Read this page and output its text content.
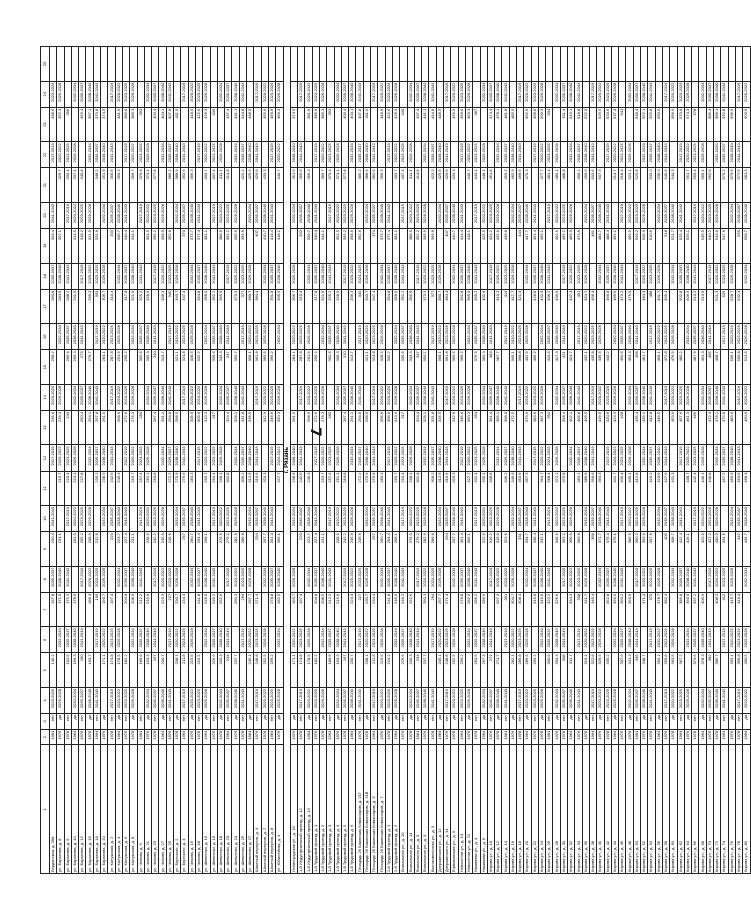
7
1	2	3	4	5	6	7	8	9	10	11	12	13	14	15	16	17	18	19	20	21	22	23	24	25
Бердянская, д. 28а	1964	нет	2023-2025	145.2		167.8	2035-2037	190.4	2041-2043		2017-2019	235.6	2023-2025	258.2		280.8	2035-2037	303.4	2041-2043		2017-2019	348.6	2023-2025	
ул. Баранова, д. 8	1976	да	2026-2028		2032-2034	171.5	2038-2040	194.1		216.7	2020-2022	239.3	2026-2028		2032-2034	284.5	2038-2040	307.1		329.7	2020-2022	352.3	2026-2028	
ул. Баранова, д. 9	1978	нет		152.6	2035-2037	175.2	2041-2043		2017-2019	220.4	2023-2025	243		265.6	2035-2037	288.2	2041-2043		2017-2019	333.4	2023-2025	356		
ул. Баранова, д. 10	1964	да	2032-2034	156.3	2038-2040	178.9		201.5	2020-2022	224.1	2026-2028		2032-2034	269.3	2038-2040	291.9		314.5	2020-2022	337.1	2026-2028		2032-2034	
ул. Баранова, д. 12	1976	нет	2035-2037	160	2041-2043		2017-2019	205.2	2023-2025	227.8		250.4	2035-2037	273	2041-2043		2017-2019	318.2	2023-2025	340.8		363.4	2035-2037	
ул. Баранова, д. 16	1978	да	2038-2040	163.7		186.3	2020-2022	208.9	2026-2028		2032-2034	254.1	2038-2040	276.7		299.3	2020-2022	321.9	2026-2028		2032-2034	367.1	2038-2040	
ул. Баранова, д. 18	1964	нет	2041-2043		2017-2019	190	2023-2025	212.6		235.2	2035-2037	257.8	2041-2043		2017-2019	303	2023-2025	325.6		348.2	2035-2037	370.8	2041-2043	
ул. Баранова, д. 20	1976	да		171.1	2020-2022	193.7	2026-2028		2032-2034	238.9	2038-2040	261.5		284.1	2020-2022	306.7	2026-2028		2032-2034	351.9	2038-2040	374.5		
ул. Калужская, д. 2	1978	нет	2017-2019	174.8	2023-2025	197.4		220	2035-2037	242.6	2041-2043		2017-2019	287.8	2023-2025	310.4		333	2035-2037	355.6	2041-2043		2017-2019	
ул. Калужская, д. 4	1964	да	2020-2022	178.5	2026-2028		2032-2034	223.7	2038-2040	246.3		268.9	2020-2022	291.5	2026-2028		2032-2034	336.7	2038-2040	359.3		381.9	2020-2022	
ул. Калужская, д. 6	1976	нет	2023-2025	182.2		204.8	2035-2037	227.4	2041-2043		2017-2019	272.6	2023-2025	295.2		317.8	2035-2037	340.4	2041-2043		2017-2019	385.6	2023-2025	
ул. Калужская, д. 8	1978	да	2026-2028		2032-2034	208.5	2038-2040	231.1		253.7	2020-2022	276.3	2026-2028		2032-2034	321.5	2038-2040	344.1		366.7	2020-2022	389.3	2026-2028	
ул. Чехова, д. 9	1964	нет		189.6	2035-2037	212.2	2041-2043		2017-2019	257.4	2023-2025	280		302.6	2035-2037	325.2	2041-2043		2017-2019	370.4	2023-2025	393		
ул. Чехова, д. 21	1976	да	2032-2034	193.3	2038-2040	215.9		238.5	2020-2022	261.1	2026-2028		2032-2034	306.3	2038-2040	328.9		351.5	2020-2022	374.1	2026-2028		2032-2034	
ул. Чехова, д. 23	1978	нет	2035-2037	197	2041-2043		2017-2019	242.2	2023-2025	264.8		287.4	2035-2037	310	2041-2043		2017-2019	355.2	2023-2025	377.8		400.4	2035-2037	
ул. Чехова, д. 27	1964	да	2038-2040	200.7		223.3	2020-2022	245.9	2026-2028		2032-2034	291.1	2038-2040	313.7		336.3	2020-2022	358.9	2026-2028		2032-2034	404.1	2038-2040	
ул. Чехова, д. 29	1976	нет	2041-2043		2017-2019	227	2023-2025	249.6		272.2	2035-2037	294.8	2041-2043		2017-2019	340	2023-2025	362.6		385.2	2035-2037	407.8	2041-2043	
ул. Бергского, д. 2	1978	да		208.1	2020-2022	230.7	2026-2028		2032-2034	275.9	2038-2040	298.5		321.1	2020-2022	343.7	2026-2028		2032-2034	388.9	2038-2040	411.5		
ул. Бергского, д. 4	1964	нет	2017-2019	211.8	2023-2025	234.4		257	2035-2037	279.6	2041-2043		2017-2019	324.8	2023-2025	347.4		370	2035-2037	392.6	2041-2043		2017-2019	
ул. Чехова, д. 16	1976	да	2020-2022	215.5	2026-2028		2032-2034	260.7	2038-2040	283.3		305.9	2020-2022	328.5	2026-2028		2032-2034	373.7	2038-2040	396.3		418.9	2020-2022	
ул. Чехова, д. 18	1978	нет	2023-2025	219.2		241.8	2035-2037	264.4	2041-2043		2017-2019	309.6	2023-2025	332.2		354.8	2035-2037	377.4	2041-2043		2017-2019	422.6	2023-2025	
ул. Шевченко, д. 15	1964	да	2026-2028		2032-2034	245.5	2038-2040	268.1		290.7	2020-2022	313.3	2026-2028		2032-2034	358.5	2038-2040	381.1		403.7	2020-2022	426.3	2026-2028	
ул. Шевченко, д. 16	1976	нет		226.6	2035-2037	249.2	2041-2043		2017-2019	294.4	2023-2025	317		339.6	2035-2037	362.2	2041-2043		2017-2019	407.4	2023-2025	430		
ул. Шевченко, д. 18	1978	да	2032-2034	230.3	2038-2040	252.9		275.5	2020-2022	298.1	2026-2028		2032-2034	343.3	2038-2040	365.9		388.5	2020-2022	411.1	2026-2028		2032-2034	
ул. Шевченко, д. 23	1964	нет	2035-2037	234	2041-2043		2017-2019	279.2	2023-2025	301.8		324.4	2035-2037	347	2041-2043		2017-2019	392.2	2023-2025	414.8		437.4	2035-2037	
ул. Шевченко, д. 24	1976	да	2038-2040	237.7		260.3	2020-2022	282.9	2026-2028		2032-2034	328.1	2038-2040	350.7		373.3	2020-2022	395.9	2026-2028		2032-2034	441.1	2038-2040	
ул. Шевченко, д. 25	1978	нет	2041-2043		2017-2019	264	2023-2025	286.6		309.2	2035-2037	331.8	2041-2043		2017-2019	377	2023-2025	399.6		422.2	2035-2037	444.8	2041-2043	
ул. Шевченко, д. 27	1964	да		245.1	2020-2022	267.7	2026-2028		2032-2034	312.9	2038-2040	335.5		358.1	2020-2022	380.7	2026-2028		2032-2034	425.9	2038-2040	448.5		
Шахтный переулок, д. 4	1976	нет	2017-2019	248.8	2023-2025	271.4		294	2035-2037	316.6	2041-2043		2017-2019	361.8	2023-2025	384.4		407	2035-2037	429.6	2041-2043		2017-2019	
Шахтный переулок, д. 7	1978	да	2020-2022	252.5	2026-2028		2032-2034	297.7	2038-2040	320.3		342.9	2020-2022	365.5	2026-2028		2032-2034	410.7	2038-2040	433.3		455.9	2020-2022	
Шахтный переулок, д. 8	1964	нет	2023-2025	256.2		278.8	2035-2037	301.4	2041-2043		2017-2019	346.6	2023-2025	369.2		391.8	2035-2037	414.4	2041-2043		2017-2019	459.6	2023-2025	
ул. Юбилейная, д. 4	1976	да	2026-2028		2032-2034	282.5	2038-2040	305.1		327.7	2020-2022	350.3	2026-2028		2032-2034	395.5	2038-2040	418.1		440.7	2020-2022	463.3	2026-2028	
г. Рязань																								
Ленинградская ул., д. 16	1976	да		171.1	2020-2022	193.7	2026-2028		2032-2034	238.9	2038-2040	261.5		284.1	2020-2022	306.7	2026-2028		2032-2034	351.9	2038-2040	374.5		
1-й Индустриальный проезд, д. 12	1978	нет	2017-2019	174.8	2023-2025	197.4		220	2035-2037	242.6	2041-2043		2017-2019	287.8	2023-2025	310.4		333	2035-2037	355.6	2041-2043		2017-2019	
1-й Индустриальный проезд, д. 13	1964	да	2020-2022	178.5	2026-2028		2032-2034	223.7	2038-2040	246.3		268.9	2020-2022	291.5	2026-2028		2032-2034	336.7	2038-2040	359.3		381.9	2020-2022	
1-й Трудовой проезд, д. 1	1976	нет	2023-2025	182.2		204.8	2035-2037	227.4	2041-2043		2017-2019	272.6	2023-2025	295.2		317.8	2035-2037	340.4	2041-2043		2017-2019	385.6	2023-2025	
1-й Трудовой проезд, д. 2	1978	да	2026-2028		2032-2034	208.5	2038-2040	231.1		253.7	2020-2022	276.3	2026-2028		2032-2034	321.5	2038-2040	344.1		366.7	2020-2022	389.3	2026-2028	
1-й Трудовой проезд, д. 3	1964	нет		189.6	2035-2037	212.2	2041-2043		2017-2019	257.4	2023-2025	280		302.6	2035-2037	325.2	2041-2043		2017-2019	370.4	2023-2025	393		
1-й Трудовой проезд, д. 4	1976	да	2032-2034	193.3	2038-2040	215.9		238.5	2020-2022	261.1	2026-2028		2032-2034	306.3	2038-2040	328.9		351.5	2020-2022	374.1	2026-2028		2032-2034	
1-й Трудовой проезд, д. 5	1978	нет	2035-2037	197	2041-2043		2017-2019	242.2	2023-2025	264.8		287.4	2035-2037	310	2041-2043		2017-2019	355.2	2023-2025	377.8		400.4	2035-2037	
1-й Трудовой проезд, д. 6	1964	да	2038-2040	200.7		223.3	2020-2022	245.9	2026-2028		2032-2034	291.1	2038-2040	313.7		336.3	2020-2022	358.9	2026-2028		2032-2034	404.1	2038-2040	
Площадь 26 Бакинских Комиссаров, д. 21Г	1976	нет	2041-2043		2017-2019	227	2023-2025	249.6		272.2	2035-2037	294.8	2041-2043		2017-2019	340	2023-2025	362.6		385.2	2035-2037	407.8	2041-2043	
Площадь 26 Бакинских Комиссаров, д. 21В	1978	да		208.1	2020-2022	230.7	2026-2028		2032-2034	275.9	2038-2040	298.5		321.1	2020-2022	343.7	2026-2028		2032-2034	388.9	2038-2040	411.5		
Площадь 26 Бакинских Комиссаров, д. 3	1964	нет	2017-2019	211.8	2023-2025	234.4		257	2035-2037	279.6	2041-2043		2017-2019	324.8	2023-2025	347.4		370	2035-2037	392.6	2041-2043		2017-2019	
Площадь 26 Бакинских Комиссаров, д. 7	1976	да	2020-2022	215.5	2026-2028		2032-2034	260.7	2038-2040	283.3		305.9	2020-2022	328.5	2026-2028		2032-2034	373.7	2038-2040	396.3		418.9	2020-2022	
2-й Трудовой проезд, д. 1	1978	нет	2023-2025	219.2		241.8	2035-2037	264.4	2041-2043		2017-2019	309.6	2023-2025	332.2		354.8	2035-2037	377.4	2041-2043		2017-2019	422.6	2023-2025	
2-й Трудовой проезд, д. 2	1964	да	2026-2028		2032-2034	245.5	2038-2040	268.1		290.7	2020-2022	313.3	2026-2028		2032-2034	358.5	2038-2040	381.1		403.7	2020-2022	426.3	2026-2028	
Вокзальная ул., д. 10	1976	нет		226.6	2035-2037	249.2	2041-2043		2017-2019	294.4	2023-2025	317		339.6	2035-2037	362.2	2041-2043		2017-2019	407.4	2023-2025	430		
Вокзальная ул., д. 14	1978	да	2032-2034	230.3	2038-2040	252.9		275.5	2020-2022	298.1	2026-2028		2032-2034	343.3	2038-2040	365.9		388.5	2020-2022	411.1	2026-2028		2032-2034	
Вокзальная ул., д. 3	1964	нет	2035-2037	234	2041-2043		2017-2019	279.2	2023-2025	301.8		324.4	2035-2037	347	2041-2043		2017-2019	392.2	2023-2025	414.8		437.4	2035-2037	
Вокзальная ул., д. 4	1976	да	2038-2040	237.7		260.3	2020-2022	282.9	2026-2028		2032-2034	328.1	2038-2040	350.7		373.3	2020-2022	395.9	2026-2028		2032-2034	441.1	2038-2040	
Высоковольтная ул., д. 3	1978	нет	2041-2043		2017-2019	264	2023-2025	286.6		309.2	2035-2037	331.8	2041-2043		2017-2019	377	2023-2025	399.6		422.2	2035-2037	444.8	2041-2043	
Дзержинского ул., д. 12	1964	да		245.1	2020-2022	267.7	2026-2028		2032-2034	312.9	2038-2040	335.5		358.1	2020-2022	380.7	2026-2028		2032-2034	425.9	2038-2040	448.5		
Дзержинского ул., д. 14	1976	нет	2017-2019	248.8	2023-2025	271.4		294	2035-2037	316.6	2041-2043		2017-2019	361.8	2023-2025	384.4		407	2035-2037	429.6	2041-2043		2017-2019	
Ефимьевская ул., д. 3	1978	да	2020-2022	252.5	2026-2028		2032-2034	297.7	2038-2040	320.3		342.9	2020-2022	365.5	2026-2028		2032-2034	410.7	2038-2040	433.3		455.9	2020-2022	
Новосёлов ул., д. 13	1964	нет	2023-2025	256.2		278.8	2035-2037	301.4	2041-2043		2017-2019	346.6	2023-2025	369.2		391.8	2035-2037	414.4	2041-2043		2017-2019	459.6	2023-2025	
Новосёлов ул., д. 21	1976	да	2026-2028		2032-2034	282.5	2038-2040	305.1		327.7	2020-2022	350.3	2026-2028		2032-2034	395.5	2038-2040	418.1		440.7	2020-2022	463.3	2026-2028	
Нахимова ул., д. 4	1978	нет		263.6	2035-2037	286.2	2041-2043		2017-2019	331.4	2023-2025	354		376.6	2035-2037	399.2	2041-2043		2017-2019	444.4	2023-2025	467		
Нахимова ул., д. 6	1964	да	2032-2034	267.3	2038-2040	289.9		312.5	2020-2022	335.1	2026-2028		2032-2034	380.3	2038-2040	402.9		425.5	2020-2022	448.1	2026-2028		2032-2034	
Кирова ул., д. 10	1976	нет	2035-2037	271	2041-2043		2017-2019	316.2	2023-2025	338.8		361.4	2035-2037	384	2041-2043		2017-2019	429.2	2023-2025	451.8		474.4	2035-2037	
Кирова ул., д. 12	1978	да	2038-2040	274.7		297.3	2020-2022	319.9	2026-2028		2032-2034	365.1	2038-2040	387.7		410.3	2020-2022	432.9	2026-2028		2032-2034	478.1	2038-2040	
Кирова ул., д. 14	1964	нет	2041-2043		2017-2019	301	2023-2025	323.6		346.2	2035-2037	368.8	2041-2043		2017-2019	414	2023-2025	436.6		459.2	2035-2037	481.8	2041-2043	
Кирова ул., д. 16	1976	да		282.1	2020-2022	304.7	2026-2028		2032-2034	349.9	2038-2040	372.5		395.1	2020-2022	417.7	2026-2028		2032-2034	462.9	2038-2040	485.5		
Кирова ул., д. 18	1978	нет	2017-2019	285.8	2023-2025	308.4		331	2035-2037	353.6	2041-2043		2017-2019	398.8	2023-2025	421.4		444	2035-2037	466.6	2041-2043		2017-2019	
Кирова ул., д. 20	1964	да	2020-2022	289.5	2026-2028		2032-2034	334.7	2038-2040	357.3		379.9	2020-2022	402.5	2026-2028		2032-2034	447.7	2038-2040	470.3		492.9	2020-2022	
Кирова ул., д. 22	1976	нет	2023-2025	293.2		315.8	2035-2037	338.4	2041-2043		2017-2019	383.6	2023-2025	406.2		428.8	2035-2037	451.4	2041-2043		2017-2019	496.6	2023-2025	
Кирова ул., д. 24	1978	да	2026-2028		2032-2034	319.5	2038-2040	342.1		364.7	2020-2022	387.3	2026-2028		2032-2034	432.5	2038-2040	455.1		477.7	2020-2022	500.3	2026-2028	
Кирова ул., д. 26	1964	нет		300.6	2035-2037	323.2	2041-2043		2017-2019	368.4	2023-2025	391		413.6	2035-2037	436.2	2041-2043		2017-2019	481.4	2023-2025	504		
Кирова ул., д. 28	1976	да	2032-2034	304.3	2038-2040	326.9		349.5	2020-2022	372.1	2026-2028		2032-2034	417.3	2038-2040	439.9		462.5	2020-2022	485.1	2026-2028		2032-2034	
Кирова ул., д. 30	1978	нет	2035-2037	308	2041-2043		2017-2019	353.2	2023-2025	375.8		398.4	2035-2037	421	2041-2043		2017-2019	466.2	2023-2025	488.8		511.4	2035-2037	
Кирова ул., д. 32	1964	да	2038-2040	311.7		334.3	2020-2022	356.9	2026-2028		2032-2034	402.1	2038-2040	424.7		447.3	2020-2022	469.9	2026-2028		2032-2034	515.1	2038-2040	
Кирова ул., д. 34	1976	нет	2041-2043		2017-2019	338	2023-2025	360.6		383.2	2035-2037	405.8	2041-2043		2017-2019	451	2023-2025	473.6		496.2	2035-2037	518.8	2041-2043	
Кирова ул., д. 36	1978	да		319.1	2020-2022	341.7	2026-2028		2032-2034	386.9	2038-2040	409.5		432.1	2020-2022	454.7	2026-2028		2032-2034	499.9	2038-2040	522.5		
Кирова ул., д. 38	1964	нет	2017-2019	322.8	2023-2025	345.4		368	2035-2037	390.6	2041-2043		2017-2019	435.8	2023-2025	458.4		481	2035-2037	503.6	2041-2043		2017-2019	
Кирова ул., д. 40	1976	да	2020-2022	326.5	2026-2028		2032-2034	371.7	2038-2040	394.3		416.9	2020-2022	439.5	2026-2028		2032-2034	484.7	2038-2040	507.3		529.9	2020-2022	
Кирова ул., д. 42	1978	нет	2023-2025	330.2		352.8	2035-2037	375.4	2041-2043		2017-2019	420.6	2023-2025	443.2		465.8	2035-2037	488.4	2041-2043		2017-2019	533.6	2023-2025	
Кирова ул., д. 44	1964	да	2026-2028		2032-2034	356.5	2038-2040	379.1		401.7	2020-2022	424.3	2026-2028		2032-2034	469.5	2038-2040	492.1		514.7	2020-2022	537.3	2026-2028	
Кирова ул., д. 46	1976	нет		337.6	2035-2037	360.2	2041-2043		2017-2019	405.4	2023-2025	428		450.6	2035-2037	473.2	2041-2043		2017-2019	518.4	2023-2025	541		
Кирова ул., д. 48	1978	да	2032-2034	341.3	2038-2040	363.9		386.5	2020-2022	409.1	2026-2028		2032-2034	454.3	2038-2040	476.9		499.5	2020-2022	522.1	2026-2028		2032-2034	
Кирова ул., д. 50	1964	нет	2035-2037	345	2041-2043		2017-2019	390.2	2023-2025	412.8		435.4	2035-2037	458	2041-2043		2017-2019	503.2	2023-2025	525.8		548.4	2035-2037	
Кирова ул., д. 52	1976	да	2038-2040	348.7		371.3	2020-2022	393.9	2026-2028		2032-2034	439.1	2038-2040	461.7		484.3	2020-2022	506.9	2026-2028		2032-2034	552.1	2038-2040	
Кирова ул., д. 54	1978	нет	2041-2043		2017-2019	375	2023-2025	397.6		420.2	2035-2037	442.8	2041-2043		2017-2019	488	2023-2025	510.6		533.2	2035-2037	555.8	2041-2043	
Кирова ул., д. 56	1964	да		356.1	2020-2022	378.7	2026-2028		2032-2034	423.9	2038-2040	446.5		469.1	2020-2022	491.7	2026-2028		2032-2034	536.9	2038-2040	559.5		
Кирова ул., д. 58	1976	нет	2017-2019	359.8	2023-2025	382.4		405	2035-2037	427.6	2041-2043		2017-2019	472.8	2023-2025	495.4		518	2035-2037	540.6	2041-2043		2017-2019	
Кирова ул., д. 60	1978	да	2020-2022	363.5	2026-2028		2032-2034	408.7	2038-2040	431.3		453.9	2020-2022	476.5	2026-2028		2032-2034	521.7	2038-2040	544.3		566.9	2020-2022	
Кирова ул., д. 62	1964	нет	2023-2025	367.2		389.8	2035-2037	412.4	2041-2043		2017-2019	457.6	2023-2025	480.2		502.8	2035-2037	525.4	2041-2043		2017-2019	570.6	2023-2025	
Кирова ул., д. 64	1976	да	2026-2028		2032-2034	393.5	2038-2040	416.1		438.7	2020-2022	461.3	2026-2028		2032-2034	506.5	2038-2040	529.1		551.7	2020-2022	574.3	2026-2028	
Кирова ул., д. 66	1978	нет		374.6	2035-2037	397.2	2041-2043		2017-2019	442.4	2023-2025	465		487.6	2035-2037	510.2	2041-2043		2017-2019	555.4	2023-2025	578		
Кирова ул., д. 68	1964	да	2032-2034	378.3	2038-2040	400.9		423.5	2020-2022	446.1	2026-2028		2032-2034	491.3	2038-2040	513.9		536.5	2020-2022	559.1	2026-2028		2032-2034	
Кирова ул., д. 70	1976	нет	2035-2037	382	2041-2043		2017-2019	427.2	2023-2025	449.8		472.4	2035-2037	495	2041-2043		2017-2019	540.2	2023-2025	562.8		585.4	2035-2037	
Кирова ул., д. 72	1978	да	2038-2040	385.7		408.3	2020-2022	430.9	2026-2028		2032-2034	476.1	2038-2040	498.7		521.3	2020-2022	543.9	2026-2028		2032-2034	589.1	2038-2040	
Кирова ул., д. 74	1964	нет	2041-2043		2017-2019	412	2023-2025	434.6		457.2	2035-2037	479.8	2041-2043		2017-2019	525	2023-2025	547.6		570.2	2035-2037	592.8	2041-2043	
Кирова ул., д. 76	1976	да		393.1	2020-2022	415.7	2026-2028		2032-2034	460.9	2038-2040	483.5		506.1	2020-2022	528.7	2026-2028		2032-2034	573.9	2038-2040	596.5		
Кирова ул., д. 78	1978	нет	2017-2019	396.8	2023-2025	419.4		442	2035-2037	464.6	2041-2043		2017-2019	509.8	2023-2025	532.4		555	2035-2037	577.6	2041-2043		2017-2019	
Кирова ул., д. 80	1964	да	2020-2022	400.5	2026-2028		2032-2034	445.7	2038-2040	468.3		490.9	2020-2022	513.5	2026-2028		2032-2034	558.7	2038-2040	581.3		603.9	2020-2022	
